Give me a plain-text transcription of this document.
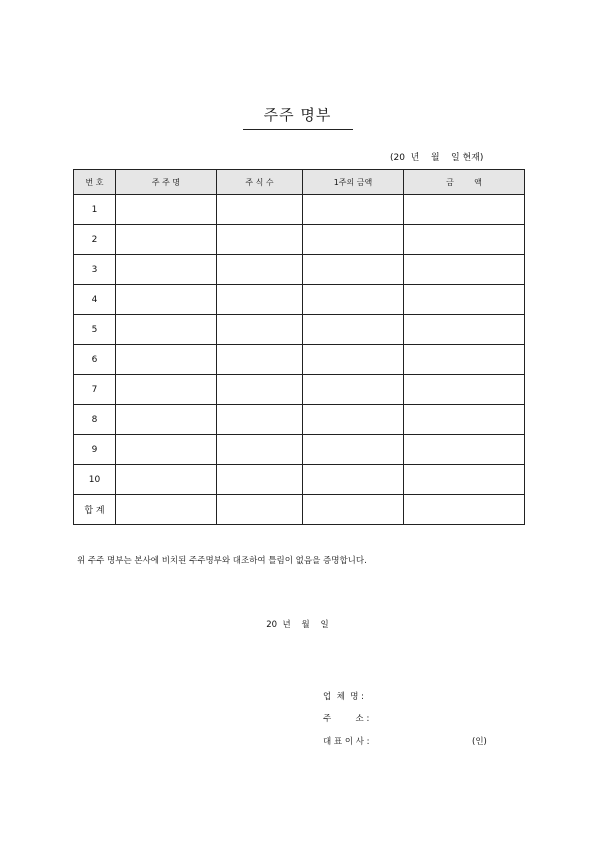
주주 명부
(20  년    월    일 현재)
번 호	주 주 명	주 식 수	1주의 금액	금        액
1				
2				
3				
4				
5				
6				
7				
8				
9				
10				
합 계				
위 주주 명부는 본사에 비치된 주주명부와 대조하여 틀림이 없음을 증명합니다.
20  년    월    일
업  체  명 :
주         소 :
대 표 이 사 :	(인)
